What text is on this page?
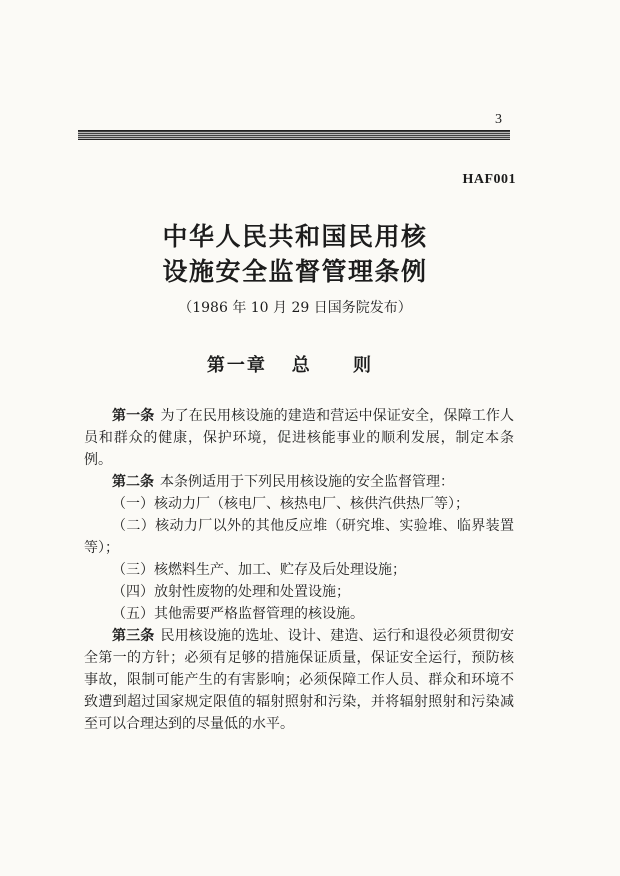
3
HAF001
中华人民共和国民用核
设施安全监督管理条例
（1986 年 10 月 29 日国务院发布）
第一章   总     则

第一条 为了在民用核设施的建造和营运中保证安全，保障工作人员和群众的健康，保护环境，促进核能事业的顺利发展，制定本条例。

第二条 本条例适用于下列民用核设施的安全监督管理：

（一）核动力厂（核电厂、核热电厂、核供汽供热厂等）；

（二）核动力厂以外的其他反应堆（研究堆、实验堆、临界装置等）；

（三）核燃料生产、加工、贮存及后处理设施；

（四）放射性废物的处理和处置设施；

（五）其他需要严格监督管理的核设施。

第三条 民用核设施的选址、设计、建造、运行和退役必须贯彻安全第一的方针；必须有足够的措施保证质量，保证安全运行，预防核事故，限制可能产生的有害影响；必须保障工作人员、群众和环境不致遭到超过国家规定限值的辐射照射和污染，并将辐射照射和污染减至可以合理达到的尽量低的水平。
